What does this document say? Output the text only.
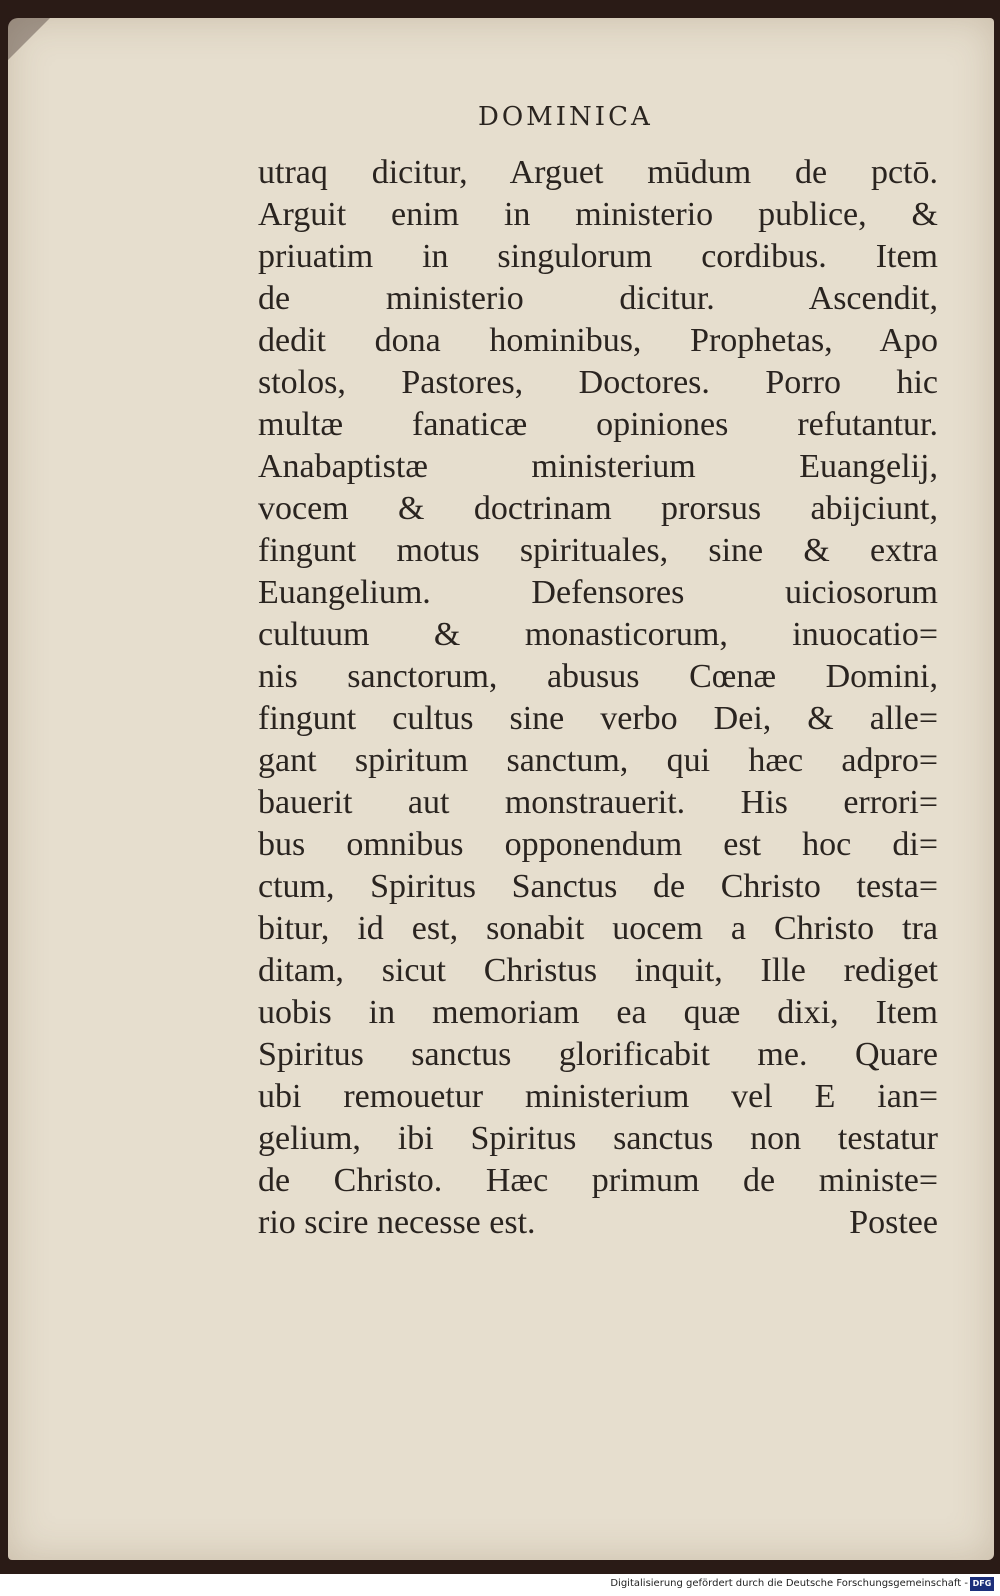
DOMINICA

utraq dicitur, Arguet mūdum de pctō.
Arguit enim in ministerio publice, &
priuatim in singulorum cordibus. Item
de ministerio dicitur. Ascendit,
dedit dona hominibus, Prophetas, Apo
stolos, Pastores, Doctores. Porro hic
multæ fanaticæ opiniones refutantur.
Anabaptistæ ministerium Euangelij,
vocem & doctrinam prorsus abijciunt,
fingunt motus spirituales, sine & extra
Euangelium. Defensores uiciosorum
cultuum & monasticorum, inuocatio=
nis sanctorum, abusus Cœnæ Domini,
fingunt cultus sine verbo Dei, & alle=
gant spiritum sanctum, qui hæc adpro=
bauerit aut monstrauerit. His errori=
bus omnibus opponendum est hoc di=
ctum, Spiritus Sanctus de Christo testa=
bitur, id est, sonabit uocem a Christo tra
ditam, sicut Christus inquit, Ille rediget
uobis in memoriam ea quæ dixi, Item
Spiritus sanctus glorificabit me. Quare
ubi remouetur ministerium vel E ian=
gelium, ibi Spiritus sanctus non testatur
de Christo. Hæc primum de ministe=
rio scire necesse est.	Postee
Digitalisierung gefördert durch die Deutsche Forschungsgemeinschaft - DFG
